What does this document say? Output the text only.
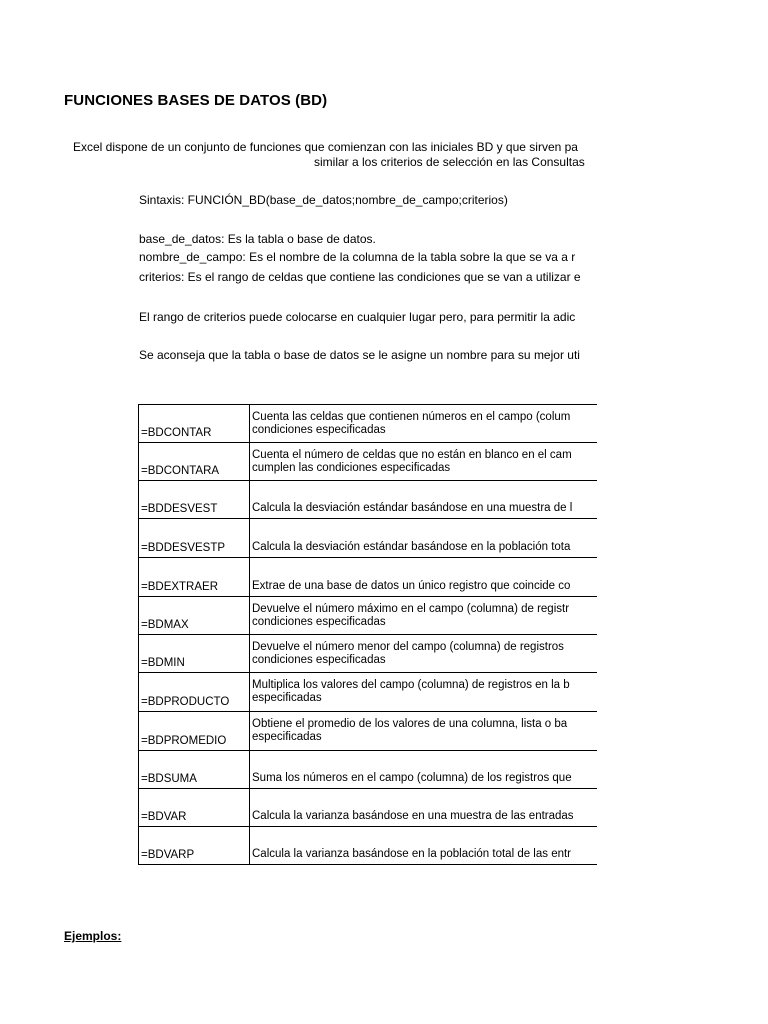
FUNCIONES BASES DE DATOS (BD)
Excel dispone de un conjunto de funciones que comienzan con las iniciales BD y que sirven pa
similar a los criterios de selección en las Consultas
Sintaxis: FUNCIÓN_BD(base_de_datos;nombre_de_campo;criterios)
base_de_datos: Es la tabla o base de datos.
nombre_de_campo: Es el nombre de la columna de la tabla sobre la que se va a r
criterios: Es el rango de celdas que contiene las condiciones que se van a utilizar e
El rango de criterios puede colocarse en cualquier lugar pero, para permitir la adic
Se aconseja que la tabla o base de datos se le asigne un nombre para su mejor uti
=BDCONTAR	Cuenta las celdas que contienen números en el campo (colum
condiciones especificadas

=BDCONTARA	Cuenta el número de celdas que no están en blanco en el cam
cumplen las condiciones especificadas

=BDDESVEST	Calcula la desviación estándar basándose en una muestra de l

=BDDESVESTP	Calcula la desviación estándar basándose en la población tota

=BDEXTRAER	Extrae de una base de datos un único registro que coincide co

=BDMAX	Devuelve el número máximo en el campo (columna) de registr
condiciones especificadas

=BDMIN	Devuelve el número menor del campo (columna) de registros
condiciones especificadas

=BDPRODUCTO	Multiplica los valores del campo (columna) de registros en la b
especificadas

=BDPROMEDIO	Obtiene el promedio de los valores de una columna, lista o ba
especificadas

=BDSUMA	Suma los números en el campo (columna) de los registros que

=BDVAR	Calcula la varianza basándose en una muestra de las entradas

=BDVARP	Calcula la varianza basándose en la población total de las entr
Ejemplos:
